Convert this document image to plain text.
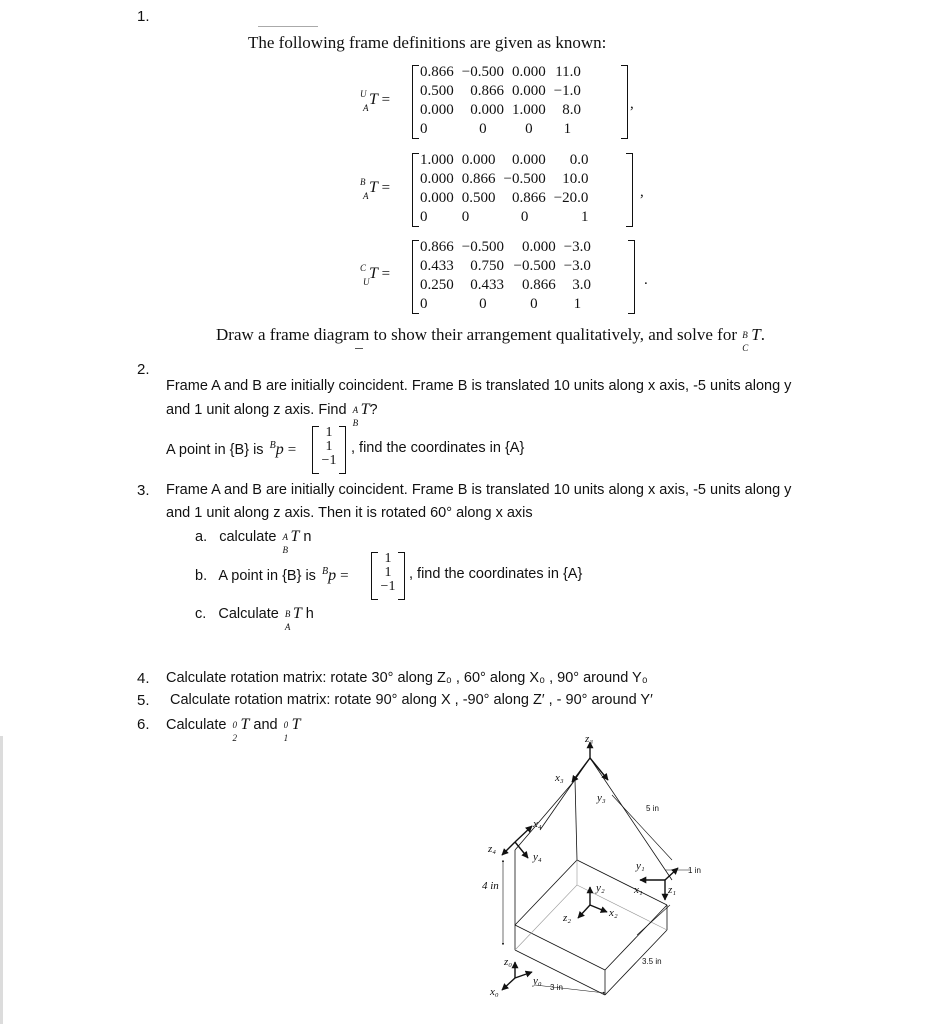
1.
The following frame definitions are given as known:
U
A T =
0.866	−0.500	0.000	11.0
0.500	0.866	0.000	−1.0
0.000	0.000	1.000	8.0
0	0	0	1
,
B
A T =
1.000	0.000	0.000	0.0
0.000	0.866	−0.500	10.0
0.000	0.500	0.866	−20.0
0	0	0	1
,
C
U T =
0.866	−0.500	0.000	−3.0
0.433	0.750	−0.500	−3.0
0.250	0.433	0.866	3.0
0	0	0	1
.
Draw a frame diagram to show their arrangement qualitatively, and solve for B
C
T.
2.
Frame A and B are initially coincident. Frame B is translated 10 units along x axis, -5 units along y
and 1 unit along z axis. Find A
B
T?
A point in {B} is $^B$p =
1
1
−1
, find the coordinates in {A}
3. Frame A and B are initially coincident. Frame B is translated 10 units along x axis, -5 units along y
and 1 unit along z axis. Then it is rotated 60° along x axis
a. calculate A
B
T n
b. A point in {B} is $^B$p =
1
1
−1
, find the coordinates in {A}
c. Calculate B
A
T h
4. Calculate rotation matrix: rotate 30° along Z₀ , 60° along X₀ , 90° around Y₀
5. Calculate rotation matrix: rotate 90° along X , -90° along Z′ , - 90° around Y′
6. Calculate 0
2
T and 0
1
T
z₃
x₃
y₃
5 in
x₄
z₄
y₄
y₁	1 in
4 in	y₂	x₁ z₁
x₂
z₂
3.5 in
z₀
y₀
3 in
x₀
